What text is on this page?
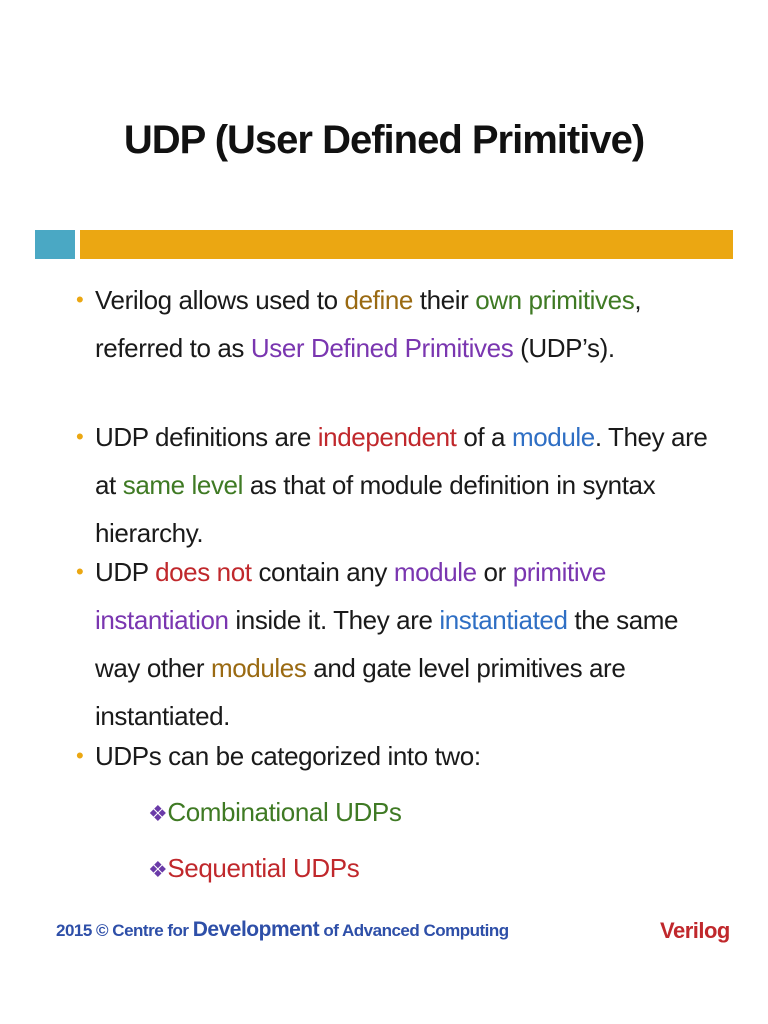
UDP (User Defined Primitive)
• Verilog allows used to define their own primitives, referred to as User Defined Primitives (UDP’s).
• UDP definitions are independent of a module. They are at same level as that of module definition in syntax hierarchy.
• UDP does not contain any module or primitive instantiation inside it. They are instantiated the same way other modules and gate level primitives are instantiated.
• UDPs can be categorized into two:
❖Combinational UDPs
❖Sequential UDPs
2015 © Centre for Development of Advanced Computing	Verilog
